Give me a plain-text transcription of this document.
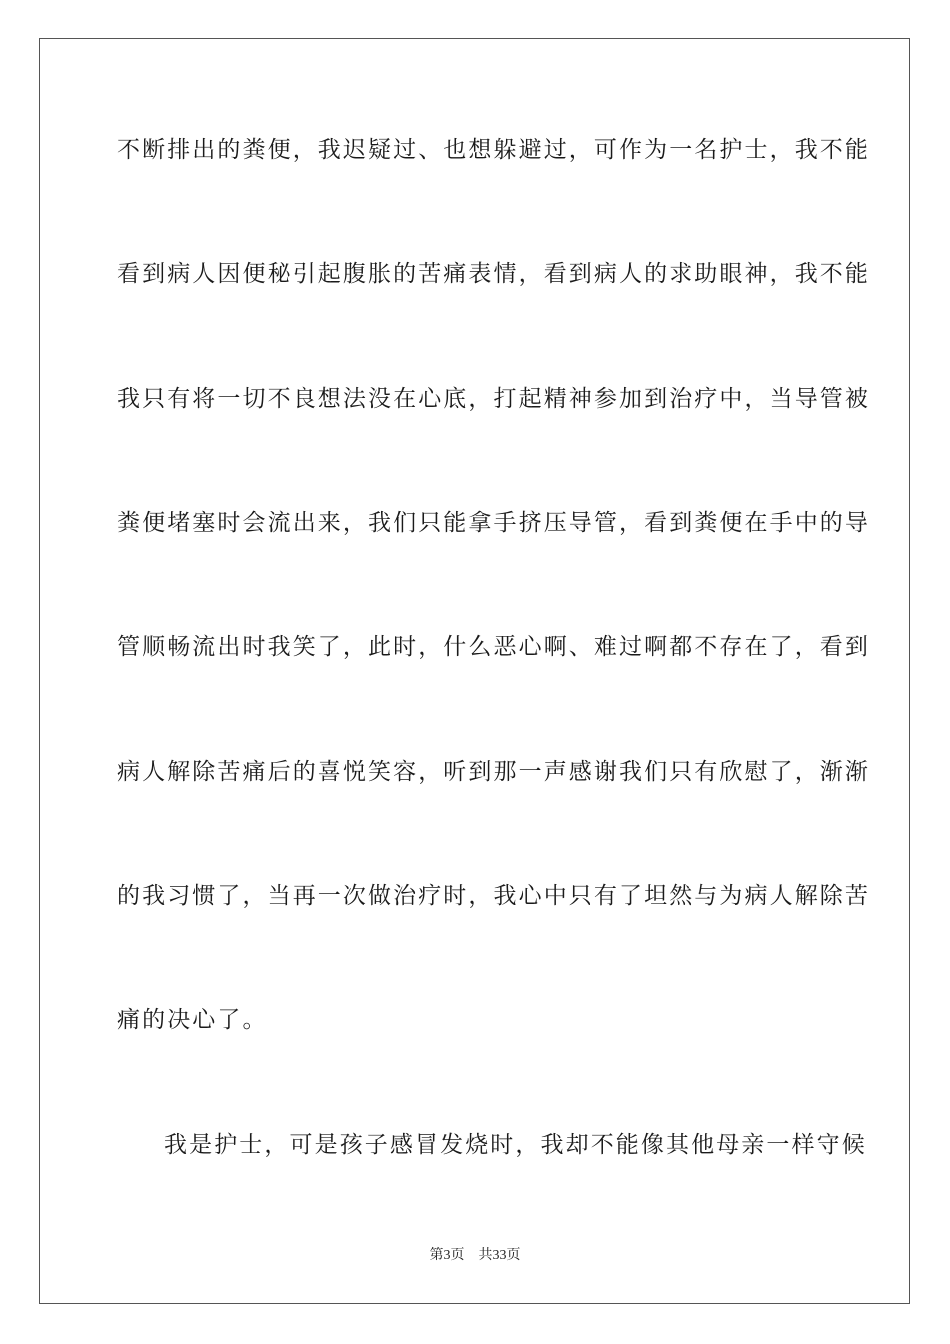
不断排出的粪便，我迟疑过、也想躲避过，可作为一名护士，我不能
看到病人因便秘引起腹胀的苦痛表情，看到病人的求助眼神，我不能
我只有将一切不良想法没在心底，打起精神参加到治疗中，当导管被
粪便堵塞时会流出来，我们只能拿手挤压导管，看到粪便在手中的导
管顺畅流出时我笑了，此时，什么恶心啊、难过啊都不存在了，看到
病人解除苦痛后的喜悦笑容，听到那一声感谢我们只有欣慰了，渐渐
的我习惯了，当再一次做治疗时，我心中只有了坦然与为病人解除苦
痛的决心了。
我是护士，可是孩子感冒发烧时，我却不能像其他母亲一样守候
第3页 共33页
